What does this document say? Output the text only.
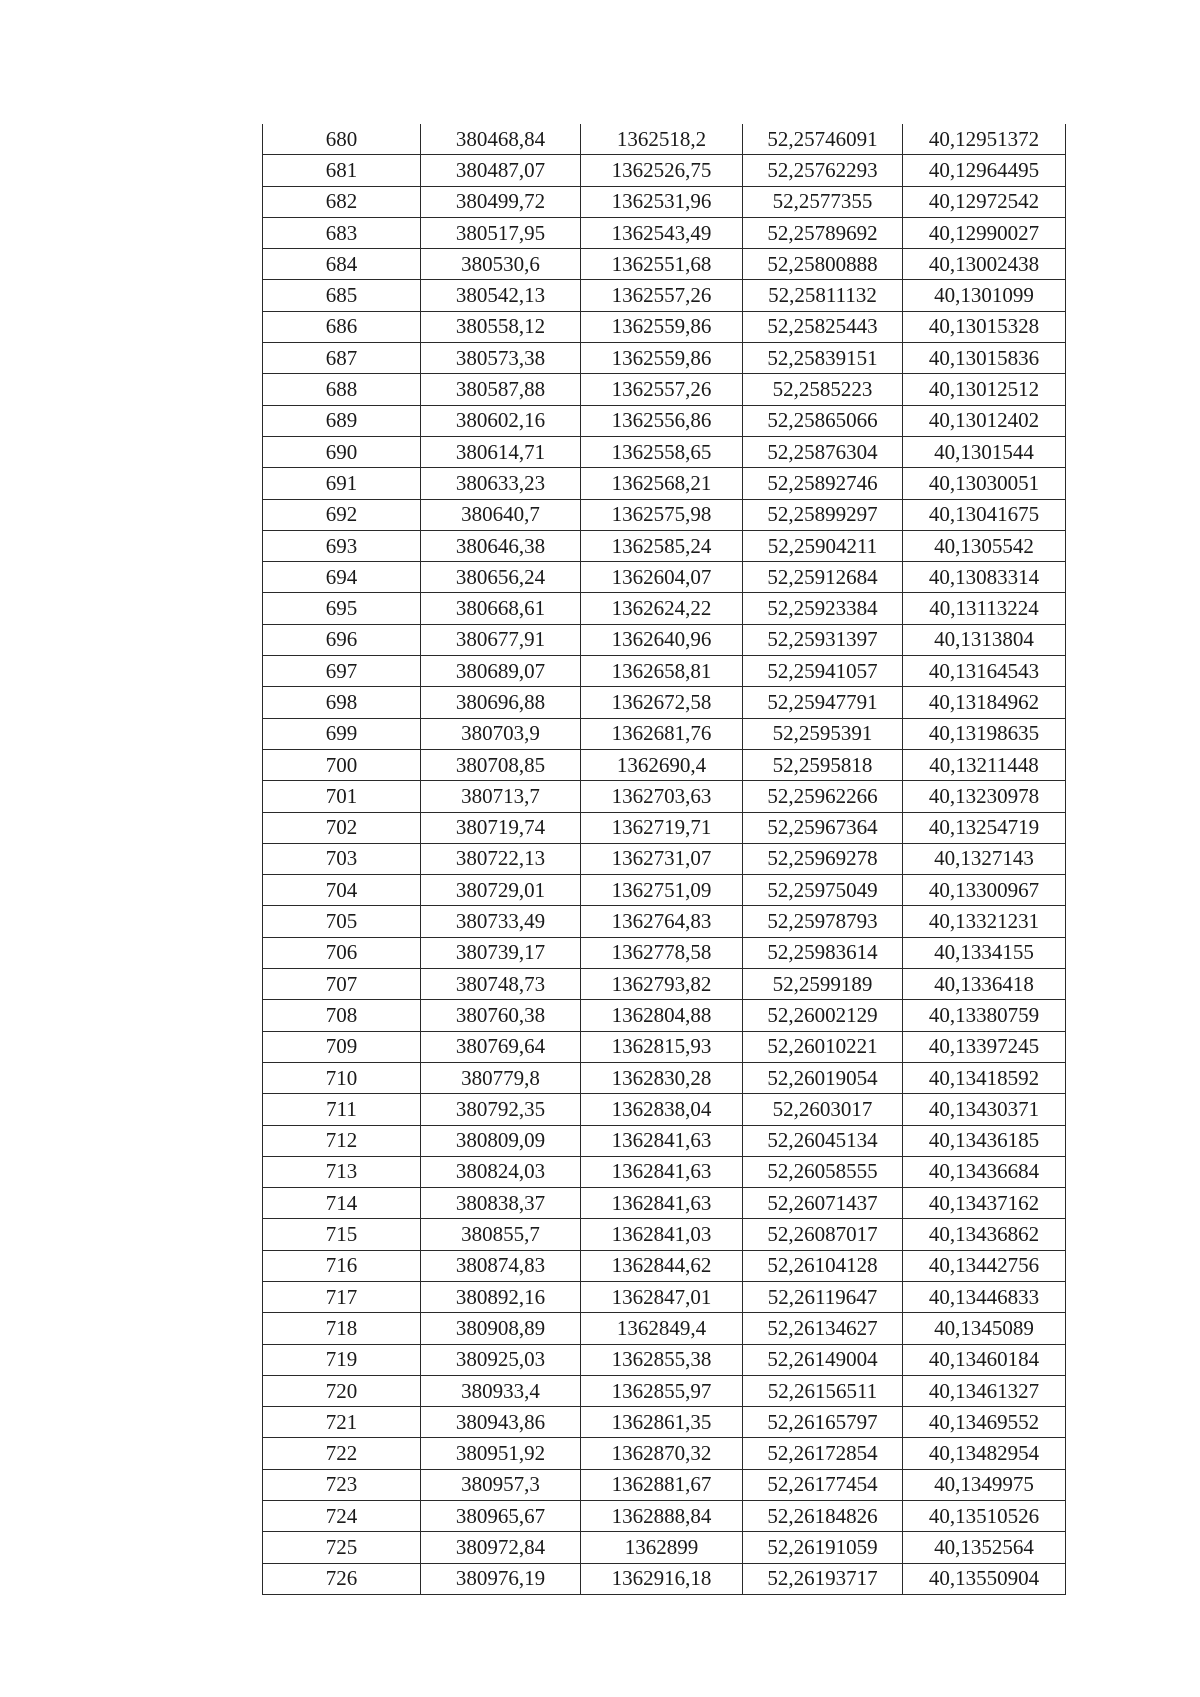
680	380468,84	1362518,2	52,25746091	40,12951372
681	380487,07	1362526,75	52,25762293	40,12964495
682	380499,72	1362531,96	52,2577355	40,12972542
683	380517,95	1362543,49	52,25789692	40,12990027
684	380530,6	1362551,68	52,25800888	40,13002438
685	380542,13	1362557,26	52,25811132	40,1301099
686	380558,12	1362559,86	52,25825443	40,13015328
687	380573,38	1362559,86	52,25839151	40,13015836
688	380587,88	1362557,26	52,2585223	40,13012512
689	380602,16	1362556,86	52,25865066	40,13012402
690	380614,71	1362558,65	52,25876304	40,1301544
691	380633,23	1362568,21	52,25892746	40,13030051
692	380640,7	1362575,98	52,25899297	40,13041675
693	380646,38	1362585,24	52,25904211	40,1305542
694	380656,24	1362604,07	52,25912684	40,13083314
695	380668,61	1362624,22	52,25923384	40,13113224
696	380677,91	1362640,96	52,25931397	40,1313804
697	380689,07	1362658,81	52,25941057	40,13164543
698	380696,88	1362672,58	52,25947791	40,13184962
699	380703,9	1362681,76	52,2595391	40,13198635
700	380708,85	1362690,4	52,2595818	40,13211448
701	380713,7	1362703,63	52,25962266	40,13230978
702	380719,74	1362719,71	52,25967364	40,13254719
703	380722,13	1362731,07	52,25969278	40,1327143
704	380729,01	1362751,09	52,25975049	40,13300967
705	380733,49	1362764,83	52,25978793	40,13321231
706	380739,17	1362778,58	52,25983614	40,1334155
707	380748,73	1362793,82	52,2599189	40,1336418
708	380760,38	1362804,88	52,26002129	40,13380759
709	380769,64	1362815,93	52,26010221	40,13397245
710	380779,8	1362830,28	52,26019054	40,13418592
711	380792,35	1362838,04	52,2603017	40,13430371
712	380809,09	1362841,63	52,26045134	40,13436185
713	380824,03	1362841,63	52,26058555	40,13436684
714	380838,37	1362841,63	52,26071437	40,13437162
715	380855,7	1362841,03	52,26087017	40,13436862
716	380874,83	1362844,62	52,26104128	40,13442756
717	380892,16	1362847,01	52,26119647	40,13446833
718	380908,89	1362849,4	52,26134627	40,1345089
719	380925,03	1362855,38	52,26149004	40,13460184
720	380933,4	1362855,97	52,26156511	40,13461327
721	380943,86	1362861,35	52,26165797	40,13469552
722	380951,92	1362870,32	52,26172854	40,13482954
723	380957,3	1362881,67	52,26177454	40,1349975
724	380965,67	1362888,84	52,26184826	40,13510526
725	380972,84	1362899	52,26191059	40,1352564
726	380976,19	1362916,18	52,26193717	40,13550904
